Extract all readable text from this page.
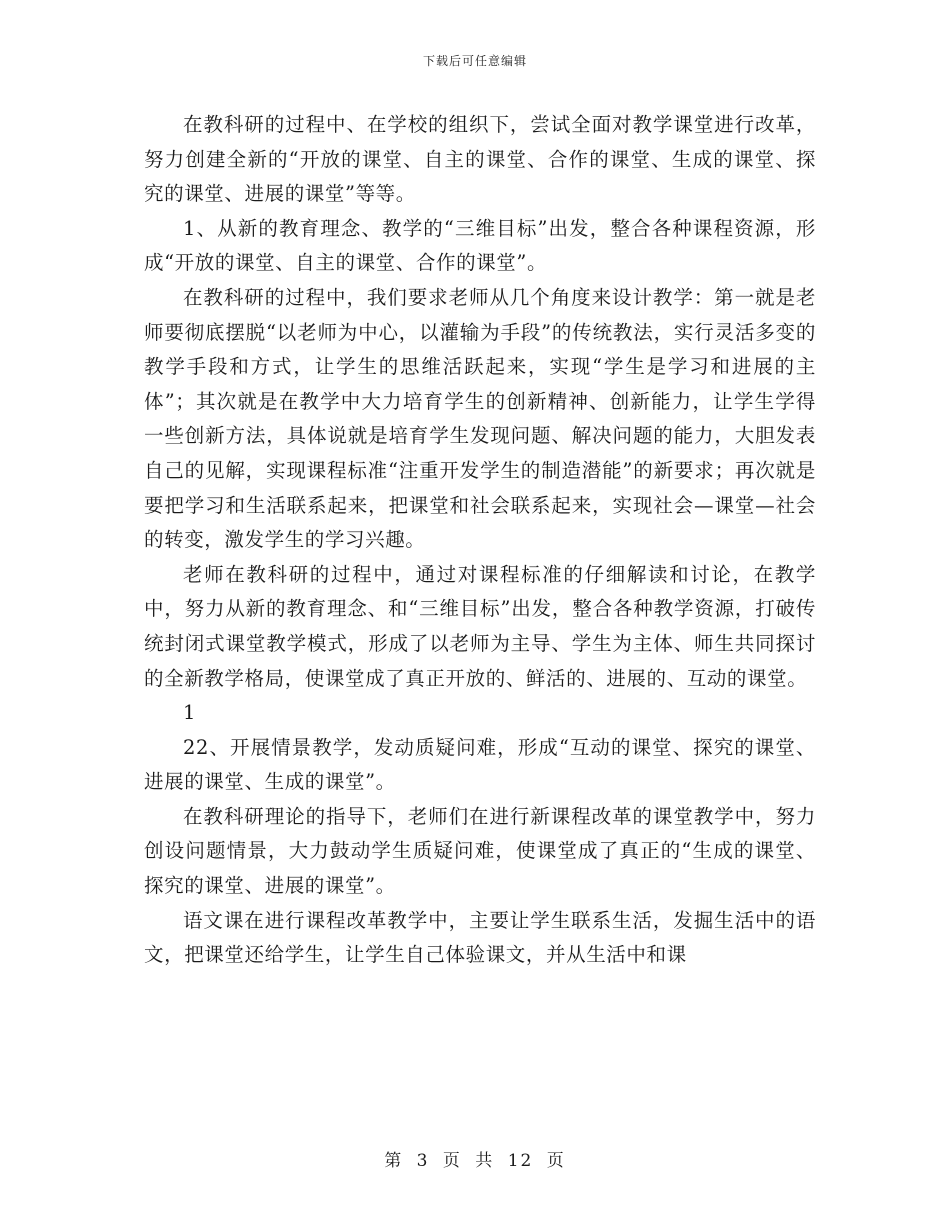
下载后可任意编辑

在教科研的过程中、在学校的组织下，尝试全面对教学课堂进行改革，努力创建全新的“开放的课堂、自主的课堂、合作的课堂、生成的课堂、探究的课堂、进展的课堂”等等。

1、从新的教育理念、教学的“三维目标”出发，整合各种课程资源，形成“开放的课堂、自主的课堂、合作的课堂”。

在教科研的过程中，我们要求老师从几个角度来设计教学：第一就是老师要彻底摆脱“以老师为中心，以灌输为手段”的传统教法，实行灵活多变的教学手段和方式，让学生的思维活跃起来，实现“学生是学习和进展的主体”；其次就是在教学中大力培育学生的创新精神、创新能力，让学生学得一些创新方法，具体说就是培育学生发现问题、解决问题的能力，大胆发表自己的见解，实现课程标准“注重开发学生的制造潜能”的新要求；再次就是要把学习和生活联系起来，把课堂和社会联系起来，实现社会—课堂—社会的转变，激发学生的学习兴趣。

老师在教科研的过程中，通过对课程标准的仔细解读和讨论，在教学中，努力从新的教育理念、和“三维目标”出发，整合各种教学资源，打破传统封闭式课堂教学模式，形成了以老师为主导、学生为主体、师生共同探讨的全新教学格局，使课堂成了真正开放的、鲜活的、进展的、互动的课堂。

1

22、开展情景教学，发动质疑问难，形成“互动的课堂、探究的课堂、进展的课堂、生成的课堂”。

在教科研理论的指导下，老师们在进行新课程改革的课堂教学中，努力创设问题情景，大力鼓动学生质疑问难，使课堂成了真正的“生成的课堂、探究的课堂、进展的课堂”。

语文课在进行课程改革教学中，主要让学生联系生活，发掘生活中的语文，把课堂还给学生，让学生自己体验课文，并从生活中和课

第 3 页 共 12 页
